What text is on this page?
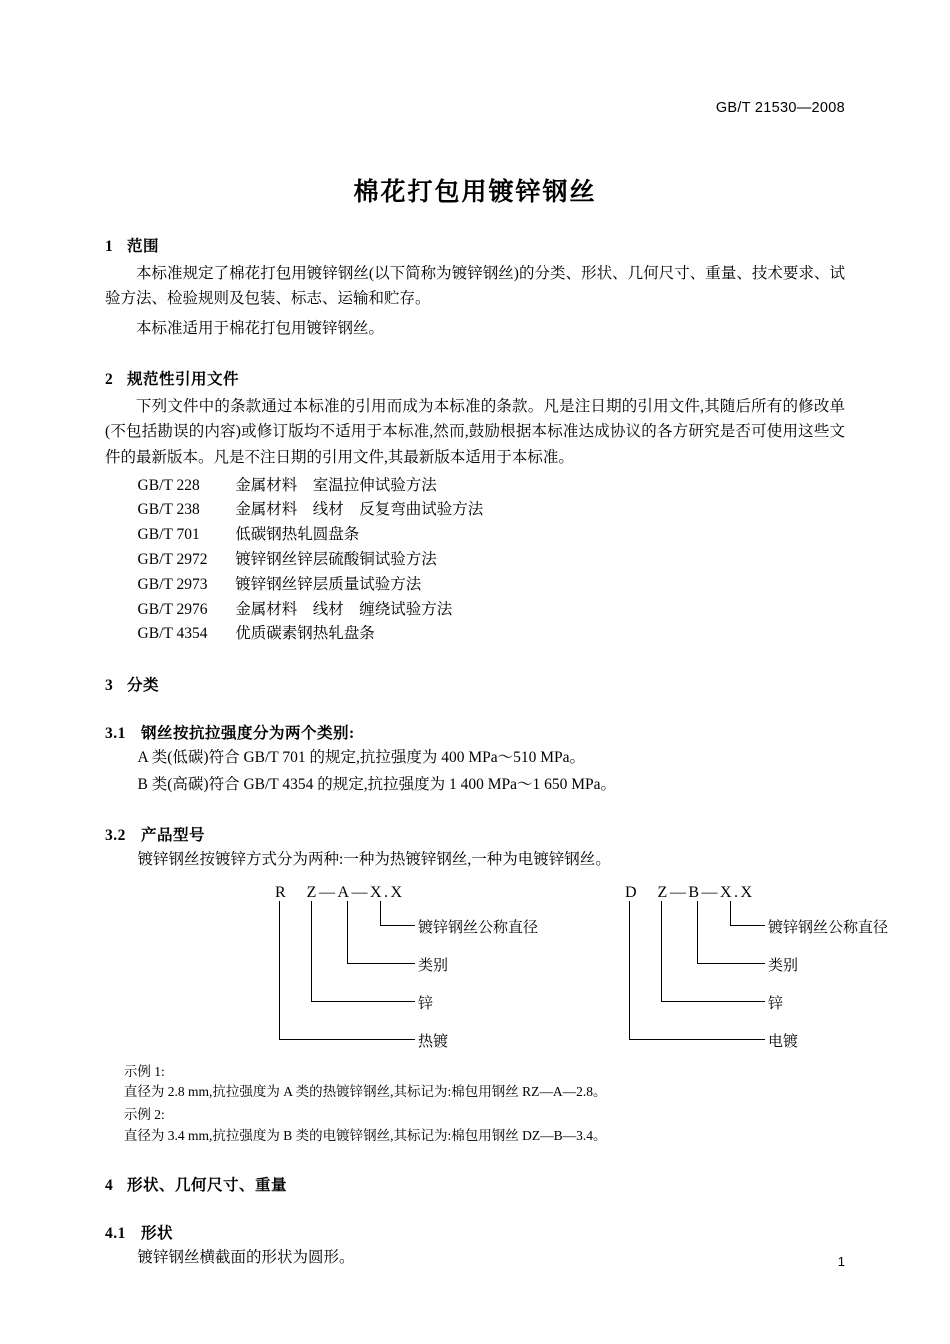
GB/T 21530—2008
棉花打包用镀锌钢丝
1 范围

本标准规定了棉花打包用镀锌钢丝(以下简称为镀锌钢丝)的分类、形状、几何尺寸、重量、技术要求、试验方法、检验规则及包装、标志、运输和贮存。

本标准适用于棉花打包用镀锌钢丝。

2 规范性引用文件

下列文件中的条款通过本标准的引用而成为本标准的条款。凡是注日期的引用文件,其随后所有的修改单(不包括勘误的内容)或修订版均不适用于本标准,然而,鼓励根据本标准达成协议的各方研究是否可使用这些文件的最新版本。凡是不注日期的引用文件,其最新版本适用于本标准。

GB/T 228 金属材料　室温拉伸试验方法
GB/T 238 金属材料　线材　反复弯曲试验方法
GB/T 701 低碳钢热轧圆盘条
GB/T 2972 镀锌钢丝锌层硫酸铜试验方法
GB/T 2973 镀锌钢丝锌层质量试验方法
GB/T 2976 金属材料　线材　缠绕试验方法
GB/T 4354 优质碳素钢热轧盘条
3 分类
3.1 钢丝按抗拉强度分为两个类别:
A 类(低碳)符合 GB/T 701 的规定,抗拉强度为 400 MPa～510 MPa。
B 类(高碳)符合 GB/T 4354 的规定,抗拉强度为 1 400 MPa～1 650 MPa。
3.2 产品型号
镀锌钢丝按镀锌方式分为两种:一种为热镀锌钢丝,一种为电镀锌钢丝。
R　Z—A—X.X
镀锌钢丝公称直径
类别
锌
热镀
D　Z—B—X.X
镀锌钢丝公称直径
类别
锌
电镀
示例 1:
直径为 2.8 mm,抗拉强度为 A 类的热镀锌钢丝,其标记为:棉包用钢丝 RZ—A—2.8。
示例 2:
直径为 3.4 mm,抗拉强度为 B 类的电镀锌钢丝,其标记为:棉包用钢丝 DZ—B—3.4。
4 形状、几何尺寸、重量
4.1 形状
镀锌钢丝横截面的形状为圆形。	1
